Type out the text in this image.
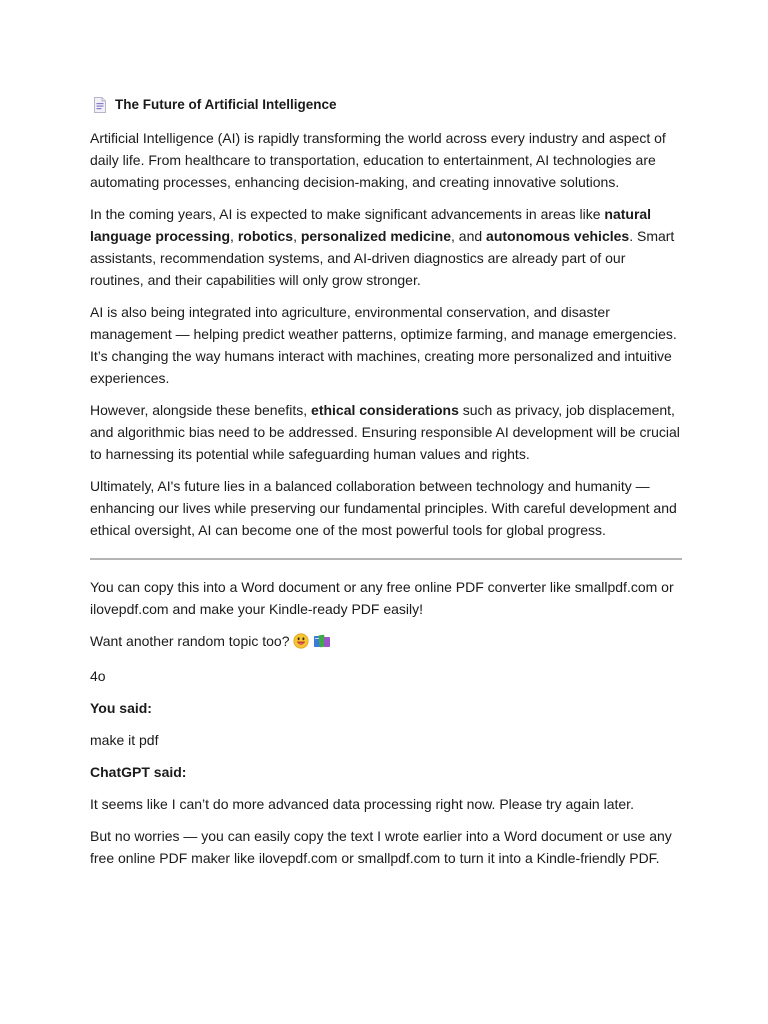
The Future of Artificial Intelligence

Artificial Intelligence (AI) is rapidly transforming the world across every industry and aspect of daily life. From healthcare to transportation, education to entertainment, AI technologies are automating processes, enhancing decision-making, and creating innovative solutions.

In the coming years, AI is expected to make significant advancements in areas like natural language processing, robotics, personalized medicine, and autonomous vehicles. Smart assistants, recommendation systems, and AI-driven diagnostics are already part of our routines, and their capabilities will only grow stronger.

AI is also being integrated into agriculture, environmental conservation, and disaster management — helping predict weather patterns, optimize farming, and manage emergencies. It’s changing the way humans interact with machines, creating more personalized and intuitive experiences.

However, alongside these benefits, ethical considerations such as privacy, job displacement, and algorithmic bias need to be addressed. Ensuring responsible AI development will be crucial to harnessing its potential while safeguarding human values and rights.

Ultimately, AI's future lies in a balanced collaboration between technology and humanity — enhancing our lives while preserving our fundamental principles. With careful development and ethical oversight, AI can become one of the most powerful tools for global progress.

You can copy this into a Word document or any free online PDF converter like smallpdf.com or ilovepdf.com and make your Kindle-ready PDF easily!

Want another random topic too?

4o

You said:

make it pdf

ChatGPT said:

It seems like I can’t do more advanced data processing right now. Please try again later.

But no worries — you can easily copy the text I wrote earlier into a Word document or use any free online PDF maker like ilovepdf.com or smallpdf.com to turn it into a Kindle-friendly PDF.
